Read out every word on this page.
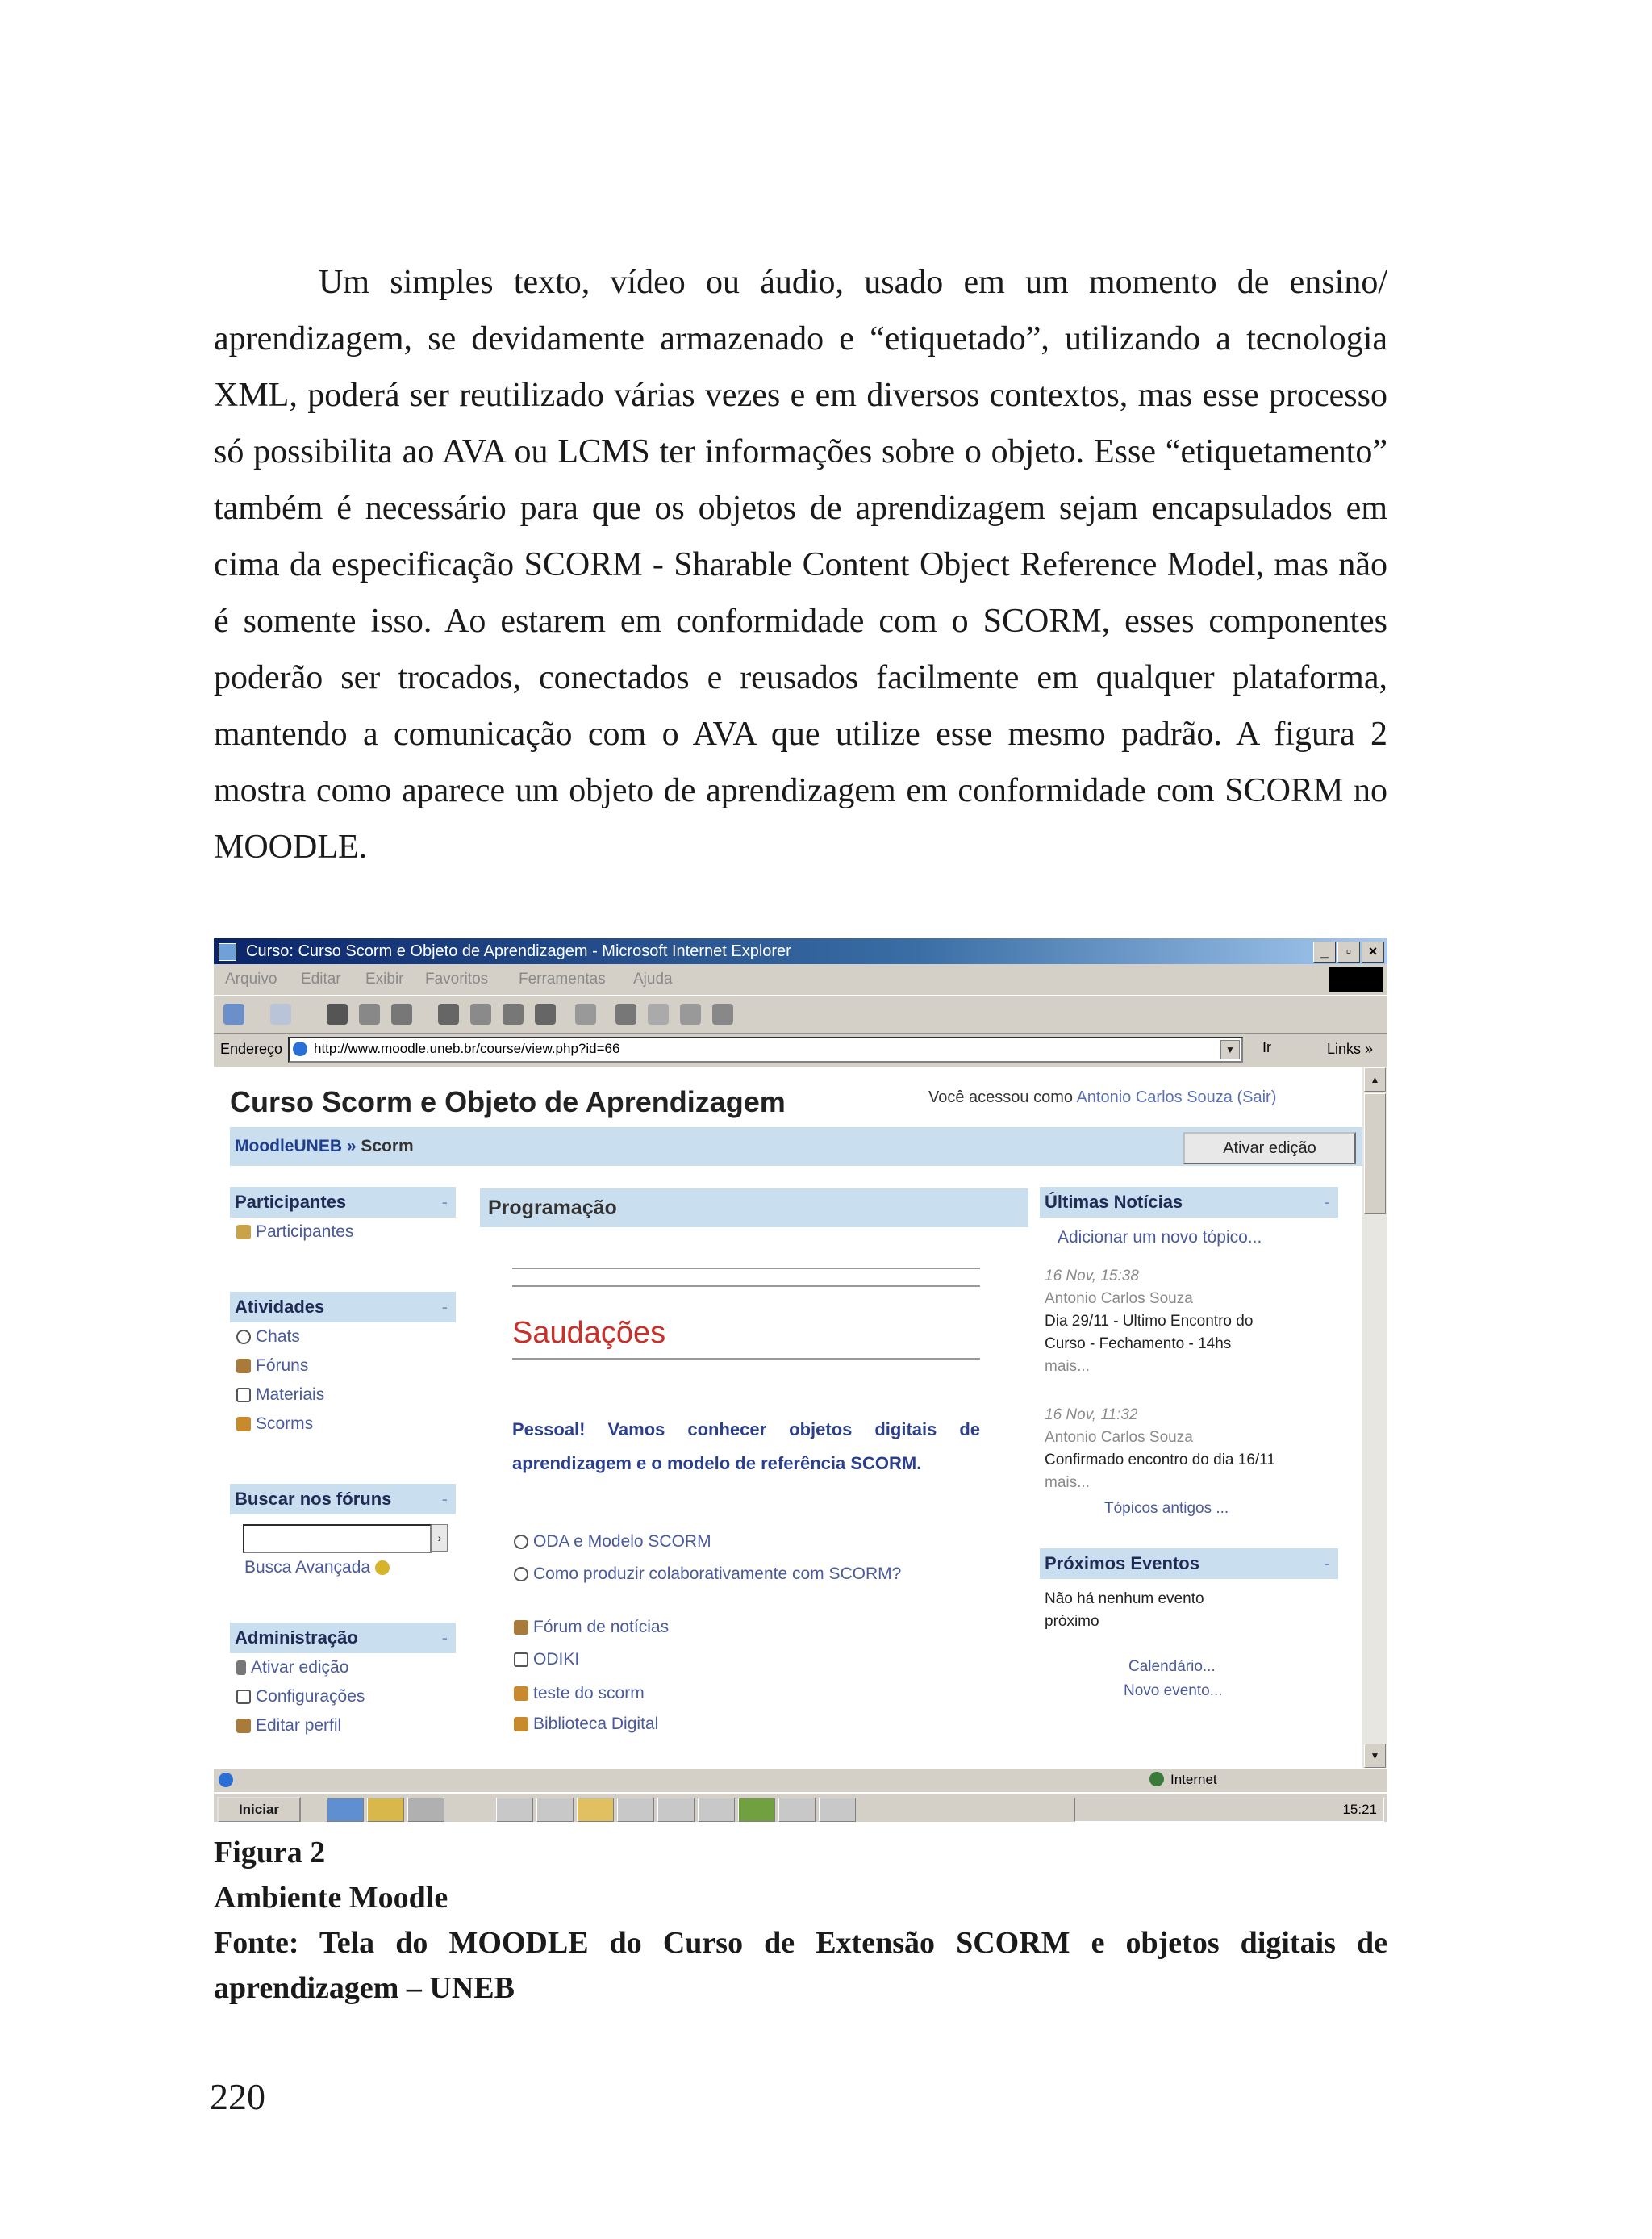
Um simples texto, vídeo ou áudio, usado em um momento de ensino/ aprendizagem, se devidamente armazenado e “etiquetado”, utilizando a tecnologia XML, poderá ser reutilizado várias vezes e em diversos contextos, mas esse processo só possibilita ao AVA ou LCMS ter informações sobre o objeto. Esse “etiquetamento” também é necessário para que os objetos de aprendizagem sejam encapsulados em cima da especificação SCORM - Sharable Content Object Reference Model, mas não é somente isso. Ao estarem em conformidade com o SCORM, esses componentes poderão ser trocados, conectados e reusados facilmente em qualquer plataforma, mantendo a comunicação com o AVA que utilize esse mesmo padrão. A figura 2 mostra como aparece um objeto de aprendizagem em conformidade com SCORM no MOODLE.

Curso: Curso Scorm e Objeto de Aprendizagem - Microsoft Internet Explorer	_	▫	×
Arquivo Editar Exibir Favoritos Ferramentas Ajuda
Endereço http://www.moodle.uneb.br/course/view.php?id=66	▼	Ir	Links »
Curso Scorm e Objeto de Aprendizagem	Você acessou como Antonio Carlos Souza (Sair)
MoodleUNEB » Scorm	Ativar edição
Participantes	-
Participantes
Atividades	-
Chats
Fóruns
Materiais
Scorms
Buscar nos fóruns	-
›
Busca Avançada
Administração	-
Ativar edição
Configurações
Editar perfil
Programação
Saudações
Pessoal! Vamos conhecer objetos digitais de aprendizagem e o modelo de referência SCORM.
ODA e Modelo SCORM
Como produzir colaborativamente com SCORM?
Fórum de notícias
ODIKI
teste do scorm
Biblioteca Digital
Últimas Notícias	-
Adicionar um novo tópico...
16 Nov, 15:38
Antonio Carlos Souza
Dia 29/11 - Ultimo Encontro do
Curso - Fechamento - 14hs
mais...
16 Nov, 11:32
Antonio Carlos Souza
Confirmado encontro do dia 16/11
mais...
Tópicos antigos ...
Próximos Eventos	-
Não há nenhum evento
próximo
Calendário...
Novo evento...
▲
▼
Internet
Iniciar	15:21
Figura 2
Ambiente Moodle
Fonte: Tela do MOODLE do Curso de Extensão SCORM e objetos digitais de aprendizagem – UNEB
220
